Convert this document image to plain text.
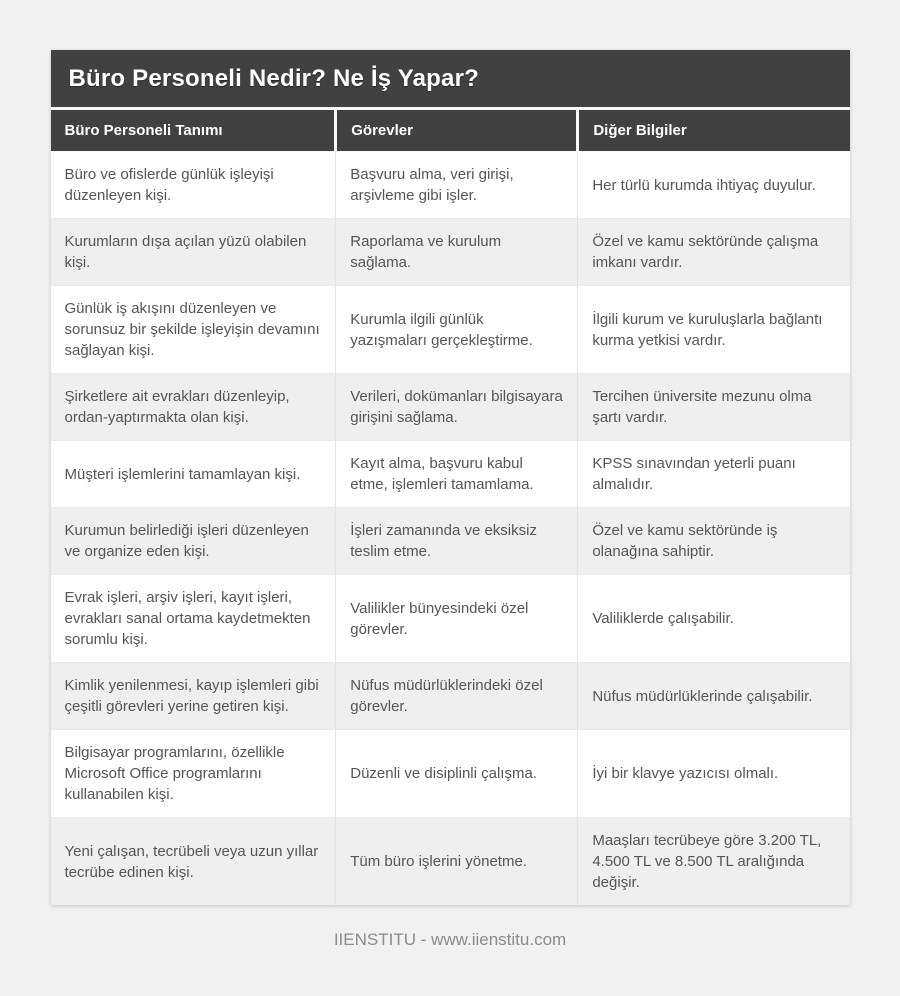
Büro Personeli Nedir? Ne İş Yapar?
Büro Personeli Tanımı	Görevler	Diğer Bilgiler
Büro ve ofislerde günlük işleyişi düzenleyen kişi.	Başvuru alma, veri girişi, arşivleme gibi işler.	Her türlü kurumda ihtiyaç duyulur.
Kurumların dışa açılan yüzü olabilen kişi.	Raporlama ve kurulum sağlama.	Özel ve kamu sektöründe çalışma imkanı vardır.
Günlük iş akışını düzenleyen ve sorunsuz bir şekilde işleyişin devamını sağlayan kişi.	Kurumla ilgili günlük yazışmaları gerçekleştirme.	İlgili kurum ve kuruluşlarla bağlantı kurma yetkisi vardır.
Şirketlere ait evrakları düzenleyip, ordan-yaptırmakta olan kişi.	Verileri, dokümanları bilgisayara girişini sağlama.	Tercihen üniversite mezunu olma şartı vardır.
Müşteri işlemlerini tamamlayan kişi.	Kayıt alma, başvuru kabul etme, işlemleri tamamlama.	KPSS sınavından yeterli puanı almalıdır.
Kurumun belirlediği işleri düzenleyen ve organize eden kişi.	İşleri zamanında ve eksiksiz teslim etme.	Özel ve kamu sektöründe iş olanağına sahiptir.
Evrak işleri, arşiv işleri, kayıt işleri, evrakları sanal ortama kaydetmekten sorumlu kişi.	Valilikler bünyesindeki özel görevler.	Valiliklerde çalışabilir.
Kimlik yenilenmesi, kayıp işlemleri gibi çeşitli görevleri yerine getiren kişi.	Nüfus müdürlüklerindeki özel görevler.	Nüfus müdürlüklerinde çalışabilir.
Bilgisayar programlarını, özellikle Microsoft Office programlarını kullanabilen kişi.	Düzenli ve disiplinli çalışma.	İyi bir klavye yazıcısı olmalı.
Yeni çalışan, tecrübeli veya uzun yıllar tecrübe edinen kişi.	Tüm büro işlerini yönetme.	Maaşları tecrübeye göre 3.200 TL, 4.500 TL ve 8.500 TL aralığında değişir.
IIENSTITU - www.iienstitu.com
